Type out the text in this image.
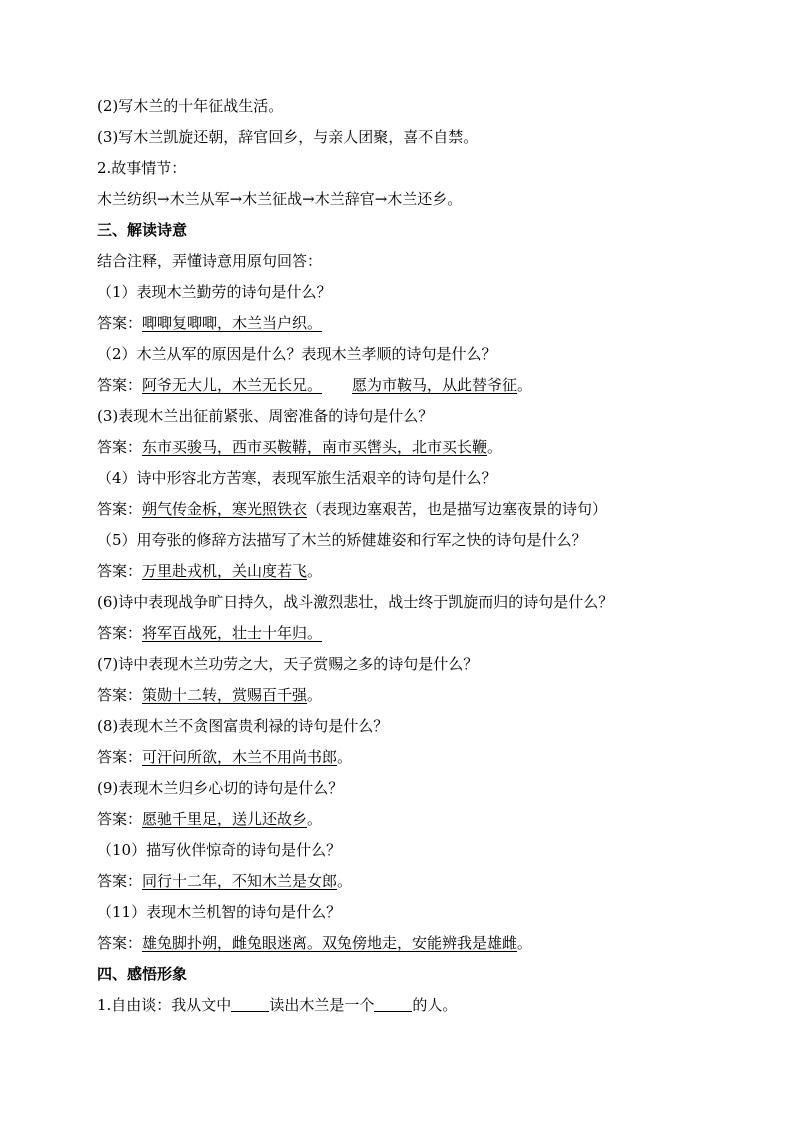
(2)写木兰的十年征战生活。
(3)写木兰凯旋还朝，辞官回乡，与亲人团聚，喜不自禁。
2.故事情节：
木兰纺织→木兰从军→木兰征战→木兰辞官→木兰还乡。
三、解读诗意
结合注释，弄懂诗意用原句回答：
（1）表现木兰勤劳的诗句是什么？
答案：唧唧复唧唧，木兰当户织。
（2）木兰从军的原因是什么？表现木兰孝顺的诗句是什么？
答案：阿爷无大儿，木兰无长兄。 愿为市鞍马，从此替爷征。
(3)表现木兰出征前紧张、周密准备的诗句是什么？
答案：东市买骏马，西市买鞍鞯，南市买辔头，北市买长鞭。
（4）诗中形容北方苦寒，表现军旅生活艰辛的诗句是什么？
答案：朔气传金柝，寒光照铁衣（表现边塞艰苦，也是描写边塞夜景的诗句）
（5）用夸张的修辞方法描写了木兰的矫健雄姿和行军之快的诗句是什么？
答案：万里赴戎机，关山度若飞。
(6)诗中表现战争旷日持久，战斗激烈悲壮，战士终于凯旋而归的诗句是什么？
答案：将军百战死，壮士十年归。
(7)诗中表现木兰功劳之大，天子赏赐之多的诗句是什么？
答案：策勋十二转，赏赐百千强。
(8)表现木兰不贪图富贵利禄的诗句是什么？
答案：可汗问所欲，木兰不用尚书郎。
(9)表现木兰归乡心切的诗句是什么？
答案：愿驰千里足，送儿还故乡。
（10）描写伙伴惊奇的诗句是什么？
答案：同行十二年，不知木兰是女郎。
（11）表现木兰机智的诗句是什么？
答案：雄兔脚扑朔，雌兔眼迷离。双兔傍地走，安能辨我是雄雌。
四、感悟形象
1.自由谈：我从文中	读出木兰是一个	的人。
